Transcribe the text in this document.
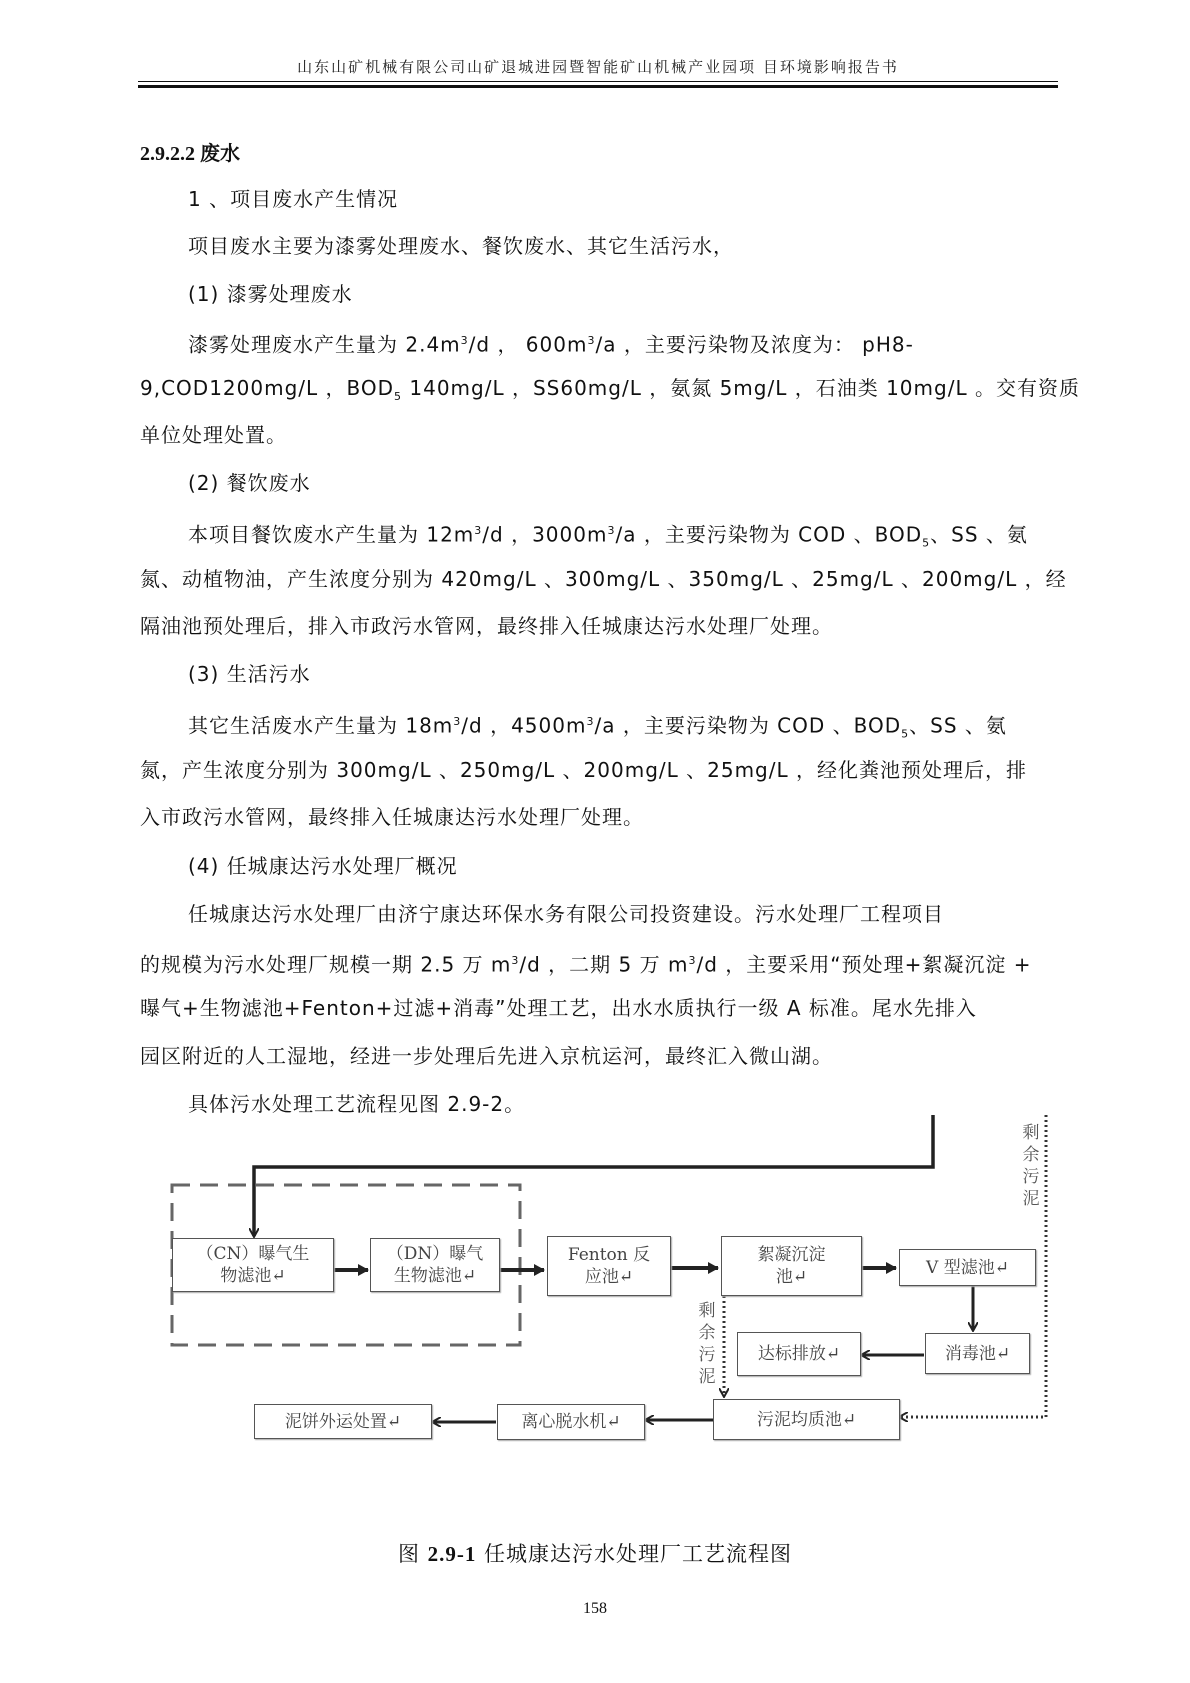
山东山矿机械有限公司山矿退城进园暨智能矿山机械产业园项 目环境影响报告书
2.9.2.2 废水
1 、项目废水产生情况
项目废水主要为漆雾处理废水、餐饮废水、其它生活污水，
(1) 漆雾处理废水
漆雾处理废水产生量为 $2.4m^3/d$ ， $600m^3/a$ ，主要污染物及浓度为： pH8-
9,COD1200mg/L ，$BOD_5$ 140mg/L ，SS60mg/L ，氨氮 5mg/L ，石油类 10mg/L 。交有资质
单位处理处置。
(2) 餐饮废水
本项目餐饮废水产生量为 $12m^3/d$ ，$3000m^3/a$ ，主要污染物为 COD 、$BOD_5$、SS 、氨
氮、动植物油，产生浓度分别为 420mg/L 、300mg/L 、350mg/L 、25mg/L 、200mg/L ，经
隔油池预处理后，排入市政污水管网，最终排入任城康达污水处理厂处理。
(3) 生活污水
其它生活废水产生量为 $18m^3/d$ ，$4500m^3/a$ ，主要污染物为 COD 、$BOD_5$、SS 、氨
氮，产生浓度分别为 300mg/L 、250mg/L 、200mg/L 、25mg/L ，经化粪池预处理后，排
入市政污水管网，最终排入任城康达污水处理厂处理。
(4) 任城康达污水处理厂概况
任城康达污水处理厂由济宁康达环保水务有限公司投资建设。污水处理厂工程项目
的规模为污水处理厂规模一期 2.5 万 $m^3/d$ ，二期 5 万 $m^3/d$ ，主要采用“预处理+絮凝沉淀 +
曝气+生物滤池+Fenton+过滤+消毒”处理工艺，出水水质执行一级 A 标准。尾水先排入
园区附近的人工湿地，经进一步处理后先进入京杭运河，最终汇入微山湖。
具体污水处理工艺流程见图 2.9-2。
（CN）曝气生
物滤池↵
（DN）曝气
生物滤池↵
Fenton 反
应池↵
絮凝沉淀
池↵	V 型滤池↵
消毒池↵
达标排放↵
污泥均质池↵
离心脱水机↵
泥饼外运处置↵
剩
余
污
泥
剩
余
污
泥
图 2.9-1 任城康达污水处理厂工艺流程图
158
